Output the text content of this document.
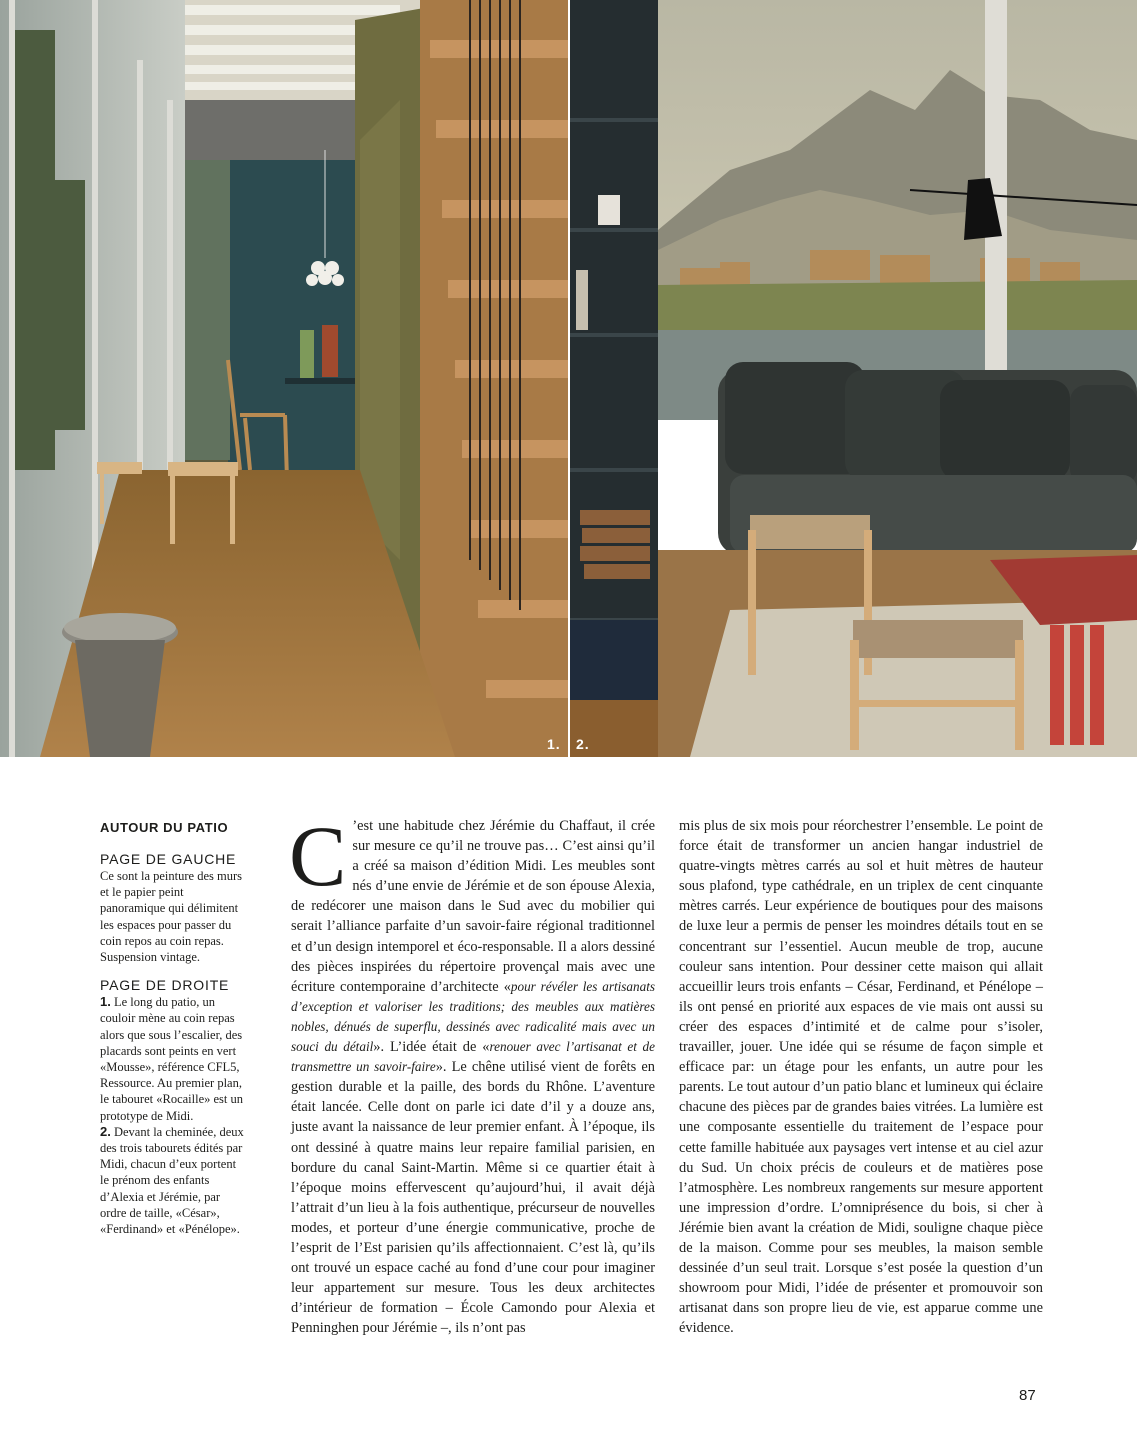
1. 2.
AUTOUR DU PATIO
PAGE DE GAUCHE

Ce sont la peinture des murs et le papier peint panoramique qui délimitent les espaces pour passer du coin repos au coin repas. Suspension vintage.

PAGE DE DROITE

1. Le long du patio, un couloir mène au coin repas alors que sous l’escalier, des placards sont peints en vert «Mousse», référence CFL5, Ressource. Au premier plan, le tabouret «Rocaille» est un prototype de Midi.

2. Devant la cheminée, deux des trois tabourets édités par Midi, chacun d’eux portent le prénom des enfants d’Alexia et Jérémie, par ordre de taille, «César», «Ferdinand» et «Pénélope».

C ’est une habitude chez Jérémie du Chaffaut, il crée sur mesure ce qu’il ne trouve pas… C’est ainsi qu’il a créé sa maison d’édition Midi. Les meubles sont nés d’une envie de Jérémie et de son épouse Alexia, de redécorer une maison dans le Sud avec du mobilier qui serait l’alliance parfaite d’un savoir-faire régional traditionnel et d’un design intemporel et éco-responsable. Il a alors dessiné des pièces inspirées du répertoire provençal mais avec une écriture contemporaine d’architecte «pour révéler les artisanats d’exception et valoriser les traditions; des meubles aux matières nobles, dénués de superflu, dessinés avec radicalité mais avec un souci du détail». L’idée était de «renouer avec l’artisanat et de transmettre un savoir-faire». Le chêne utilisé vient de forêts en gestion durable et la paille, des bords du Rhône. L’aventure était lancée. Celle dont on parle ici date d’il y a douze ans, juste avant la naissance de leur premier enfant. À l’époque, ils ont dessiné à quatre mains leur repaire familial parisien, en bordure du canal Saint-Martin. Même si ce quartier était à l’époque moins effervescent qu’aujourd’hui, il avait déjà l’attrait d’un lieu à la fois authentique, précurseur de nouvelles modes, et porteur d’une énergie communicative, proche de l’esprit de l’Est parisien qu’ils affectionnaient. C’est là, qu’ils ont trouvé un espace caché au fond d’une cour pour imaginer leur appartement sur mesure. Tous les deux architectes d’intérieur de formation – École Camondo pour Alexia et Penninghen pour Jérémie –, ils n’ont pas

mis plus de six mois pour réorchestrer l’ensemble. Le point de force était de transformer un ancien hangar industriel de quatre-vingts mètres carrés au sol et huit mètres de hauteur sous plafond, type cathédrale, en un triplex de cent cinquante mètres carrés. Leur expérience de boutiques pour des maisons de luxe leur a permis de penser les moindres détails tout en se concentrant sur l’essentiel. Aucun meuble de trop, aucune couleur sans intention. Pour dessiner cette maison qui allait accueillir leurs trois enfants – César, Ferdinand, et Pénélope – ils ont pensé en priorité aux espaces de vie mais ont aussi su créer des espaces d’intimité et de calme pour s’isoler, travailler, jouer. Une idée qui se résume de façon simple et efficace par: un étage pour les enfants, un autre pour les parents. Le tout autour d’un patio blanc et lumineux qui éclaire chacune des pièces par de grandes baies vitrées. La lumière est une composante essentielle du traitement de l’espace pour cette famille habituée aux paysages vert intense et au ciel azur du Sud. Un choix précis de couleurs et de matières pose l’atmosphère. Les nombreux rangements sur mesure apportent une impression d’ordre. L’omniprésence du bois, si cher à Jérémie bien avant la création de Midi, souligne chaque pièce de la maison. Comme pour ses meubles, la maison semble dessinée d’un seul trait. Lorsque s’est posée la question d’un showroom pour Midi, l’idée de présenter et promouvoir son artisanat dans son propre lieu de vie, est apparue comme une évidence.

87
